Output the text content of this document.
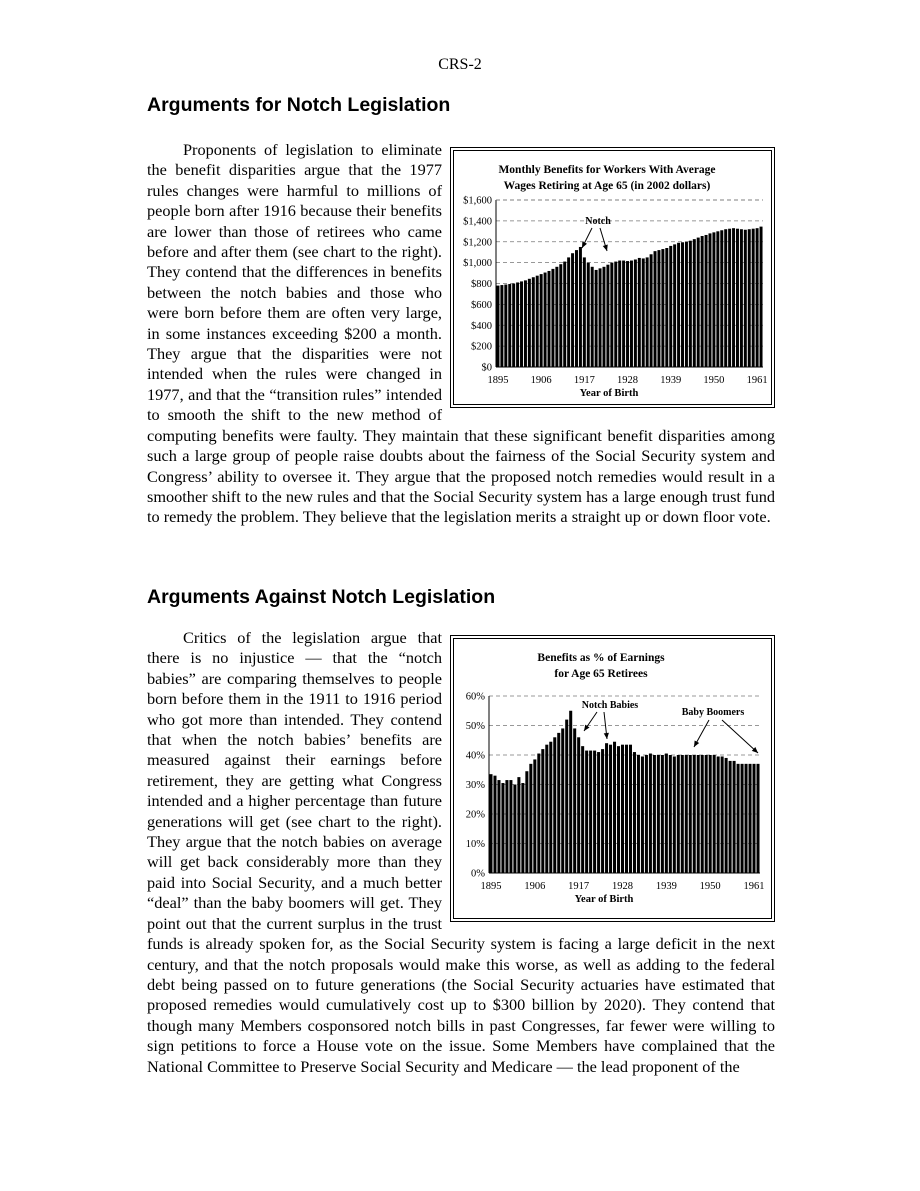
CRS-2
Arguments for Notch Legislation
Monthly Benefits for Workers With Average
Wages Retiring at Age 65 (in 2002 dollars)
$0
$200
$400
$600
$800
$1,000
$1,200
$1,400
$1,600
1895 1906 1917 1928 1939 1950 1961
Year of Birth
Notch
Proponents of legislation to eliminate the benefit disparities argue that the 1977 rules changes were harmful to millions of people born after 1916 because their benefits are lower than those of retirees who came before and after them (see chart to the right). They contend that the differences in benefits between the notch babies and those who were born before them are often very large, in some instances exceeding $200 a month. They argue that the disparities were not intended when the rules were changed in 1977, and that the “transition rules” intended to smooth the shift to the new method of computing benefits were faulty. They maintain that these significant benefit disparities among such a large group of people raise doubts about the fairness of the Social Security system and Congress’ ability to oversee it. They argue that the proposed notch remedies would result in a smoother shift to the new rules and that the Social Security system has a large enough trust fund to remedy the problem. They believe that the legislation merits a straight up or down floor vote.
Arguments Against Notch Legislation
Benefits as % of Earnings
for Age 65 Retirees
0%
10%
20%
30%
40%
50%
60%
1895 1906 1917 1928 1939 1950 1961
Year of Birth
Notch Babies
Baby Boomers
Critics of the legislation argue that there is no injustice — that the “notch babies” are comparing themselves to people born before them in the 1911 to 1916 period who got more than intended. They contend that when the notch babies’ benefits are measured against their earnings before retirement, they are getting what Congress intended and a higher percentage than future generations will get (see chart to the right). They argue that the notch babies on average will get back considerably more than they paid into Social Security, and a much better “deal” than the baby boomers will get. They point out that the current surplus in the trust funds is already spoken for, as the Social Security system is facing a large deficit in the next century, and that the notch proposals would make this worse, as well as adding to the federal debt being passed on to future generations (the Social Security actuaries have estimated that proposed remedies would cumulatively cost up to $300 billion by 2020). They contend that though many Members cosponsored notch bills in past Congresses, far fewer were willing to sign petitions to force a House vote on the issue. Some Members have complained that the National Committee to Preserve Social Security and Medicare — the lead proponent of the
